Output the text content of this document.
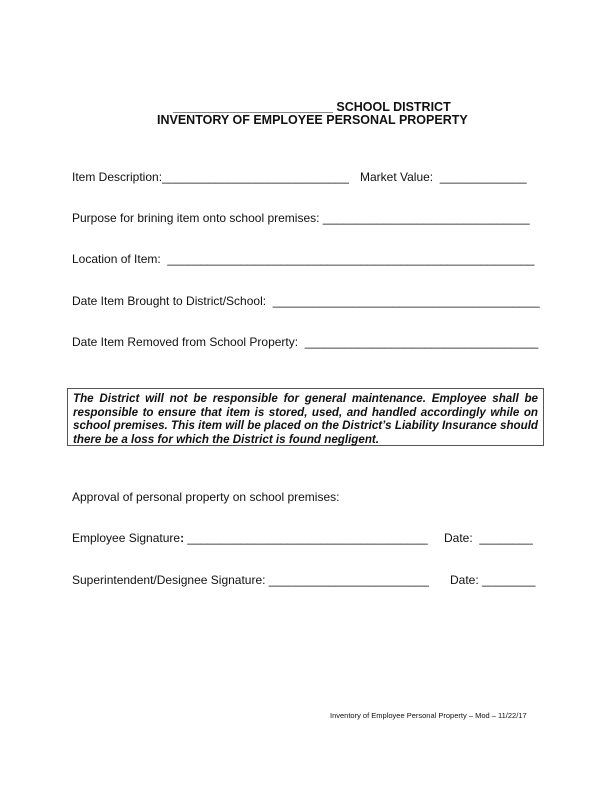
_______________________ SCHOOL DISTRICT
INVENTORY OF EMPLOYEE PERSONAL PROPERTY
Item Description:____________________________ Market Value:  _____________
Purpose for brining item onto school premises: _______________________________
Location of Item:  _______________________________________________________
Date Item Brought to District/School:  ________________________________________
Date Item Removed from School Property:  ___________________________________
The District will not be responsible for general maintenance. Employee shall be responsible to ensure that item is stored, used, and handled accordingly while on school premises. This item will be placed on the District’s Liability Insurance should there be a loss for which the District is found negligent.
Approval of personal property on school premises:
Employee Signature: ____________________________________ Date:  ________
Superintendent/Designee Signature: ________________________ Date: ________
Inventory of Employee Personal Property – Mod – 11/22/17
